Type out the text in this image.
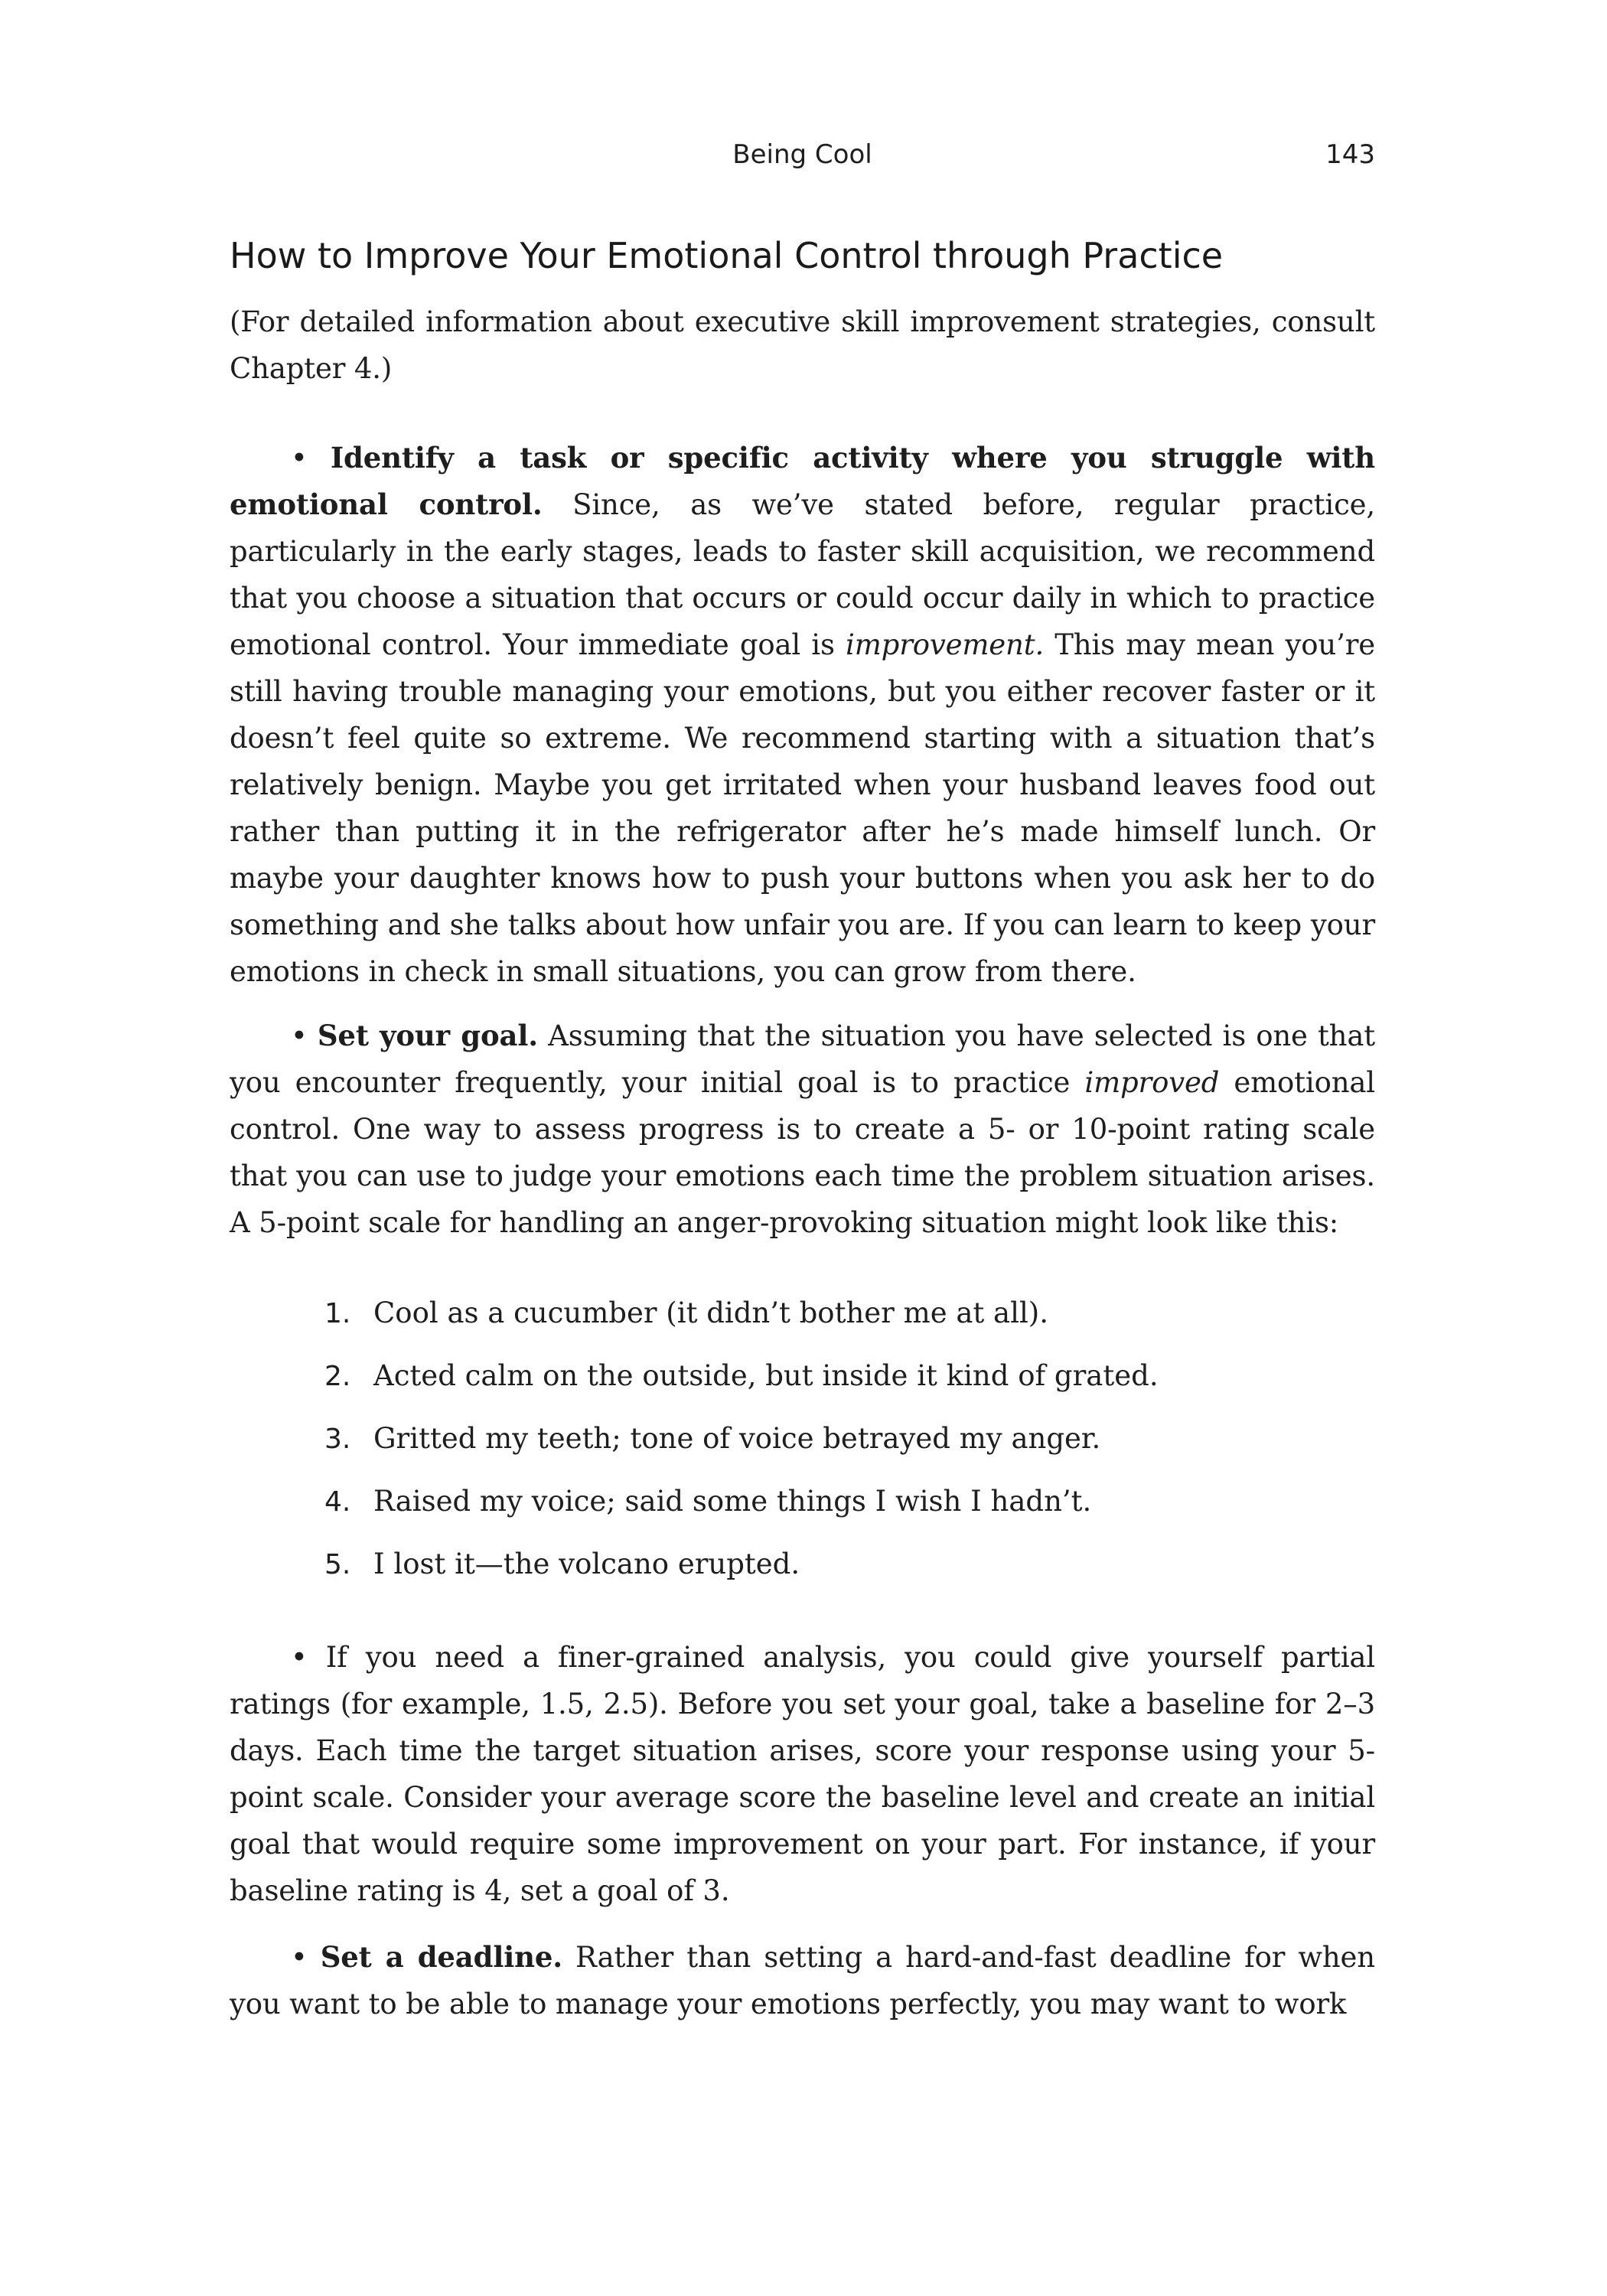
Being Cool	143
How to Improve Your Emotional Control through Practice

(For detailed information about executive skill improvement strategies, consult Chapter 4.)

• Identify a task or specific activity where you struggle with emotional control. Since, as we’ve stated before, regular practice, particularly in the early stages, leads to faster skill acquisition, we recommend that you choose a situation that occurs or could occur daily in which to practice emotional control. Your immediate goal is improvement. This may mean you’re still having trouble managing your emotions, but you either recover faster or it doesn’t feel quite so extreme. We recommend starting with a situation that’s relatively benign. Maybe you get irritated when your husband leaves food out rather than putting it in the refrigerator after he’s made himself lunch. Or maybe your daughter knows how to push your buttons when you ask her to do something and she talks about how unfair you are. If you can learn to keep your emotions in check in small situations, you can grow from there.

• Set your goal. Assuming that the situation you have selected is one that you encounter frequently, your initial goal is to practice improved emotional control. One way to assess progress is to create a 5- or 10-point rating scale that you can use to judge your emotions each time the problem situation arises. A 5-point scale for handling an anger-provoking situation might look like this:

1. Cool as a cucumber (it didn’t bother me at all).
2. Acted calm on the outside, but inside it kind of grated.
3. Gritted my teeth; tone of voice betrayed my anger.
4. Raised my voice; said some things I wish I hadn’t.
5. I lost it—the volcano erupted.

• If you need a finer-grained analysis, you could give yourself partial ratings (for example, 1.5, 2.5). Before you set your goal, take a baseline for 2–3 days. Each time the target situation arises, score your response using your 5-point scale. Consider your average score the baseline level and create an initial goal that would require some improvement on your part. For instance, if your baseline rating is 4, set a goal of 3.

• Set a deadline. Rather than setting a hard-and-fast deadline for when you want to be able to manage your emotions perfectly, you may want to work
